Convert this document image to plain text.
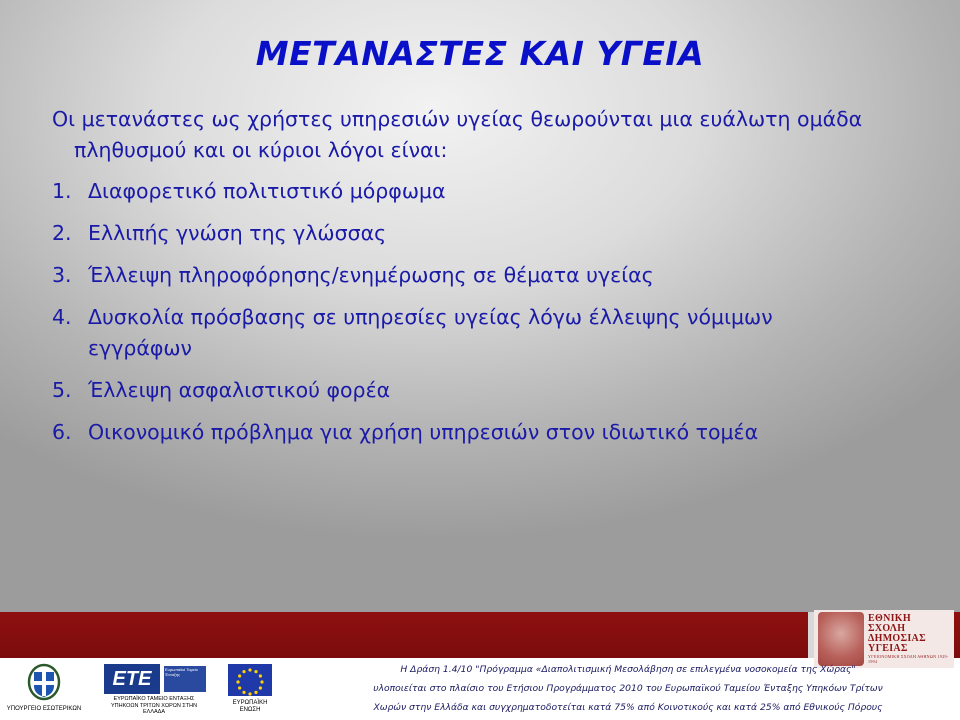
ΜΕΤΑΝΑΣΤΕΣ ΚΑΙ ΥΓΕΙΑ

Οι μετανάστες ως χρήστες υπηρεσιών υγείας θεωρούνται μια ευάλωτη ομάδα πληθυσμού και οι κύριοι λόγοι είναι:

1. Διαφορετικό πολιτιστικό μόρφωμα
2. Ελλιπής γνώση της γλώσσας
3. Έλλειψη πληροφόρησης/ενημέρωσης σε θέματα υγείας
4. Δυσκολία πρόσβασης σε υπηρεσίες υγείας λόγω έλλειψης νόμιμων εγγράφων
5. Έλλειψη ασφαλιστικού φορέα
6. Οικονομικό πρόβλημα για χρήση υπηρεσιών στον ιδιωτικό τομέα
ΕΘΝΙΚΗ
ΣΧΟΛΗ
ΔΗΜΟΣΙΑΣ
ΥΓΕΙΑΣ
ΥΓΕΙΟΝΟΜΙΚΗ ΣΧΟΛΗ ΑΘΗΝΩΝ 1929-1994
ΥΠΟΥΡΓΕΙΟ ΕΣΩΤΕΡΙΚΩΝ
ΕΤΕ	Ευρωπαϊκό Ταμείο Ένταξης
ΕΥΡΩΠΑΪΚΟ ΤΑΜΕΙΟ ΕΝΤΑΞΗΣ ΥΠΗΚΟΩΝ ΤΡΙΤΩΝ ΧΩΡΩΝ ΣΤΗΝ ΕΛΛΑΔΑ
ΕΥΡΩΠΑΪΚΗ ΕΝΩΣΗ
Η Δράση 1.4/10 "Πρόγραμμα «Διαπολιτισμική Μεσολάβηση σε επιλεγμένα νοσοκομεία της Χώρας"
υλοποιείται στο πλαίσιο του Ετήσιου Προγράμματος 2010 του Ευρωπαϊκού Ταμείου Ένταξης Υπηκόων Τρίτων
Χωρών στην Ελλάδα και συγχρηματοδοτείται κατά 75% από Κοινοτικούς και κατά 25% από Εθνικούς Πόρους
